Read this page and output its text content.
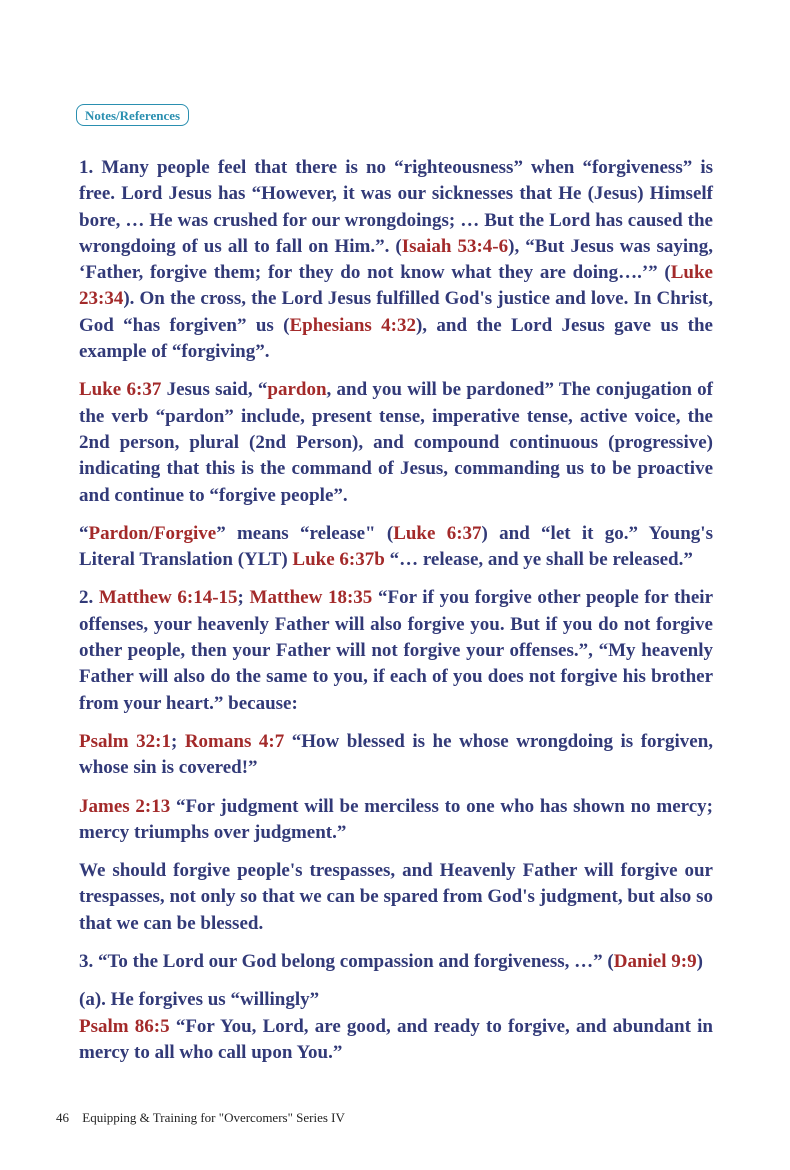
Notes/References

1. Many people feel that there is no “righteousness” when “forgiveness” is free. Lord Jesus has “However, it was our sicknesses that He (Jesus) Himself bore, … He was crushed for our wrongdoings; … But the Lord has caused the wrongdoing of us all to fall on Him.”. (Isaiah 53:4-6), “But Jesus was saying, ‘Father, forgive them; for they do not know what they are doing….’” (Luke 23:34). On the cross, the Lord Jesus fulfilled God's justice and love. In Christ, God “has forgiven” us (Ephesians 4:32), and the Lord Jesus gave us the example of “forgiving”.

Luke 6:37 Jesus said, “pardon, and you will be pardoned” The conjugation of the verb “pardon” include, present tense, imperative tense, active voice, the 2nd person, plural (2nd Person), and compound continuous (progressive) indicating that this is the command of Jesus, commanding us to be proactive and continue to “forgive people”.

“Pardon/Forgive” means “release" (Luke 6:37) and “let it go.” Young's Literal Translation (YLT) Luke 6:37b “… release, and ye shall be released.”

2. Matthew 6:14-15; Matthew 18:35 “For if you forgive other people for their offenses, your heavenly Father will also forgive you. But if you do not forgive other people, then your Father will not forgive your offenses.”, “My heavenly Father will also do the same to you, if each of you does not forgive his brother from your heart.” because:

Psalm 32:1; Romans 4:7 “How blessed is he whose wrongdoing is forgiven, whose sin is covered!”

James 2:13 “For judgment will be merciless to one who has shown no mercy; mercy triumphs over judgment.”

We should forgive people's trespasses, and Heavenly Father will forgive our trespasses, not only so that we can be spared from God's judgment, but also so that we can be blessed.

3. “To the Lord our God belong compassion and forgiveness, …” (Daniel 9:9)

(a). He forgives us “willingly”
Psalm 86:5 “For You, Lord, are good, and ready to forgive, and abundant in mercy to all who call upon You.”

46 Equipping & Training for "Overcomers" Series IV
